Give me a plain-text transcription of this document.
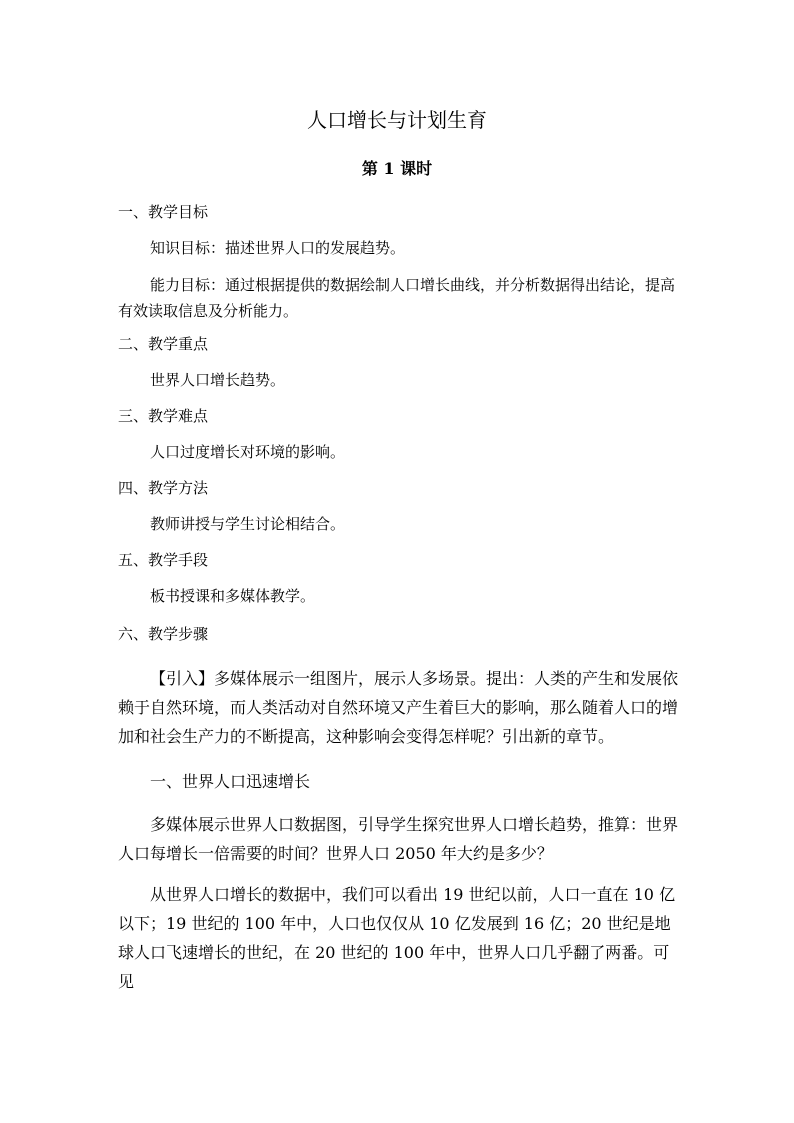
人口增长与计划生育
第 1 课时
一、教学目标
知识目标：描述世界人口的发展趋势。
能力目标：通过根据提供的数据绘制人口增长曲线，并分析数据得出结论，提高有效读取信息及分析能力。
二、教学重点
世界人口增长趋势。
三、教学难点
人口过度增长对环境的影响。
四、教学方法
教师讲授与学生讨论相结合。
五、教学手段
板书授课和多媒体教学。
六、教学步骤
【引入】多媒体展示一组图片，展示人多场景。提出：人类的产生和发展依赖于自然环境，而人类活动对自然环境又产生着巨大的影响，那么随着人口的增加和社会生产力的不断提高，这种影响会变得怎样呢？引出新的章节。
一、世界人口迅速增长
多媒体展示世界人口数据图，引导学生探究世界人口增长趋势，推算：世界人口每增长一倍需要的时间？世界人口 2050 年大约是多少？
从世界人口增长的数据中，我们可以看出 19 世纪以前，人口一直在 10 亿以下；19 世纪的 100 年中，人口也仅仅从 10 亿发展到 16 亿；20 世纪是地球人口飞速增长的世纪，在 20 世纪的 100 年中，世界人口几乎翻了两番。可见
